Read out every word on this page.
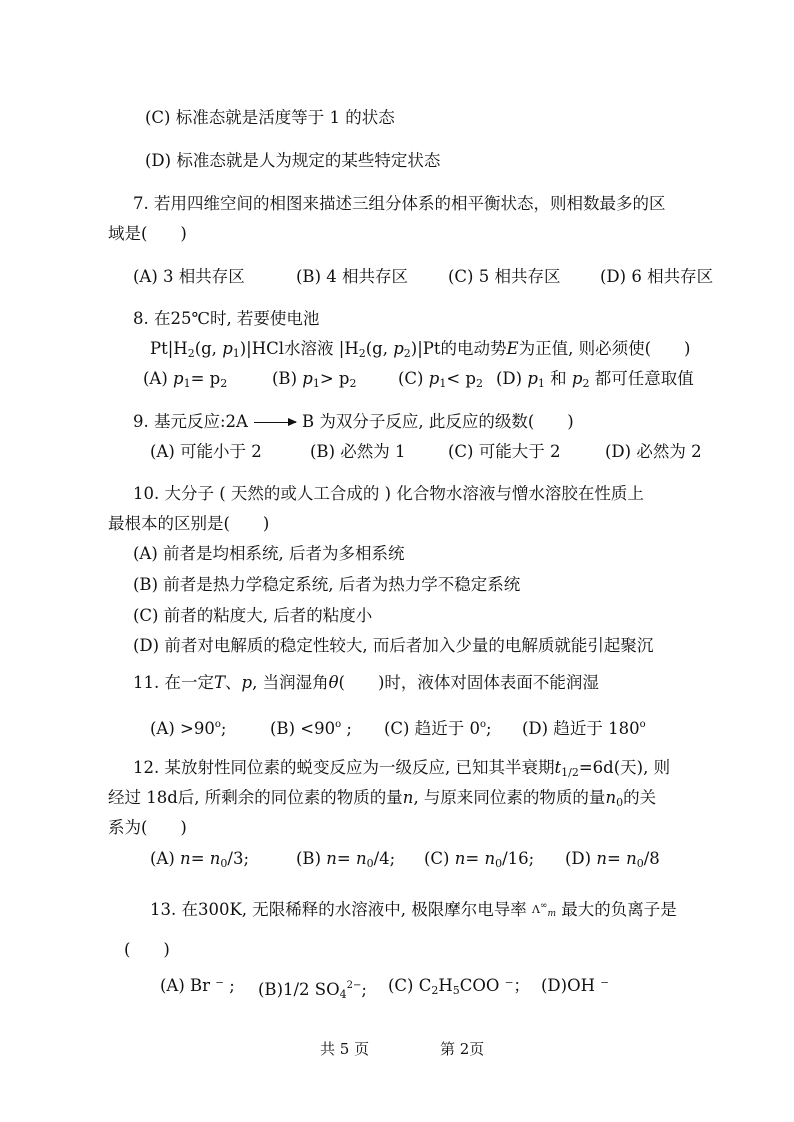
(C) 标准态就是活度等于 1 的状态
(D) 标准态就是人为规定的某些特定状态
7. 若用四维空间的相图来描述三组分体系的相平衡状态，则相数最多的区
域是(　　)
(A) 3 相共存区	(B) 4 相共存区 (C) 5 相共存区 (D) 6 相共存区
8. 在25℃时, 若要使电池
$Pt|H_2(g$, $p_1)|HCl$水溶液 $|H_2(g$, $p_2)|Pt$的电动势E为正值, 则必须使(　　)
(A) $p_1= p_2$	(B) $p_1> p_2$	(C) $p_1< p_2$ (D) $p_1$ 和 $p_2$ 都可任意取值
9. 基元反应:2A → B 为双分子反应, 此反应的级数(　　)
(A) 可能小于 2	(B) 必然为 1	(C) 可能大于 2	(D) 必然为 2
10. 大分子 ( 天然的或人工合成的 ) 化合物水溶液与憎水溶胶在性质上
最根本的区别是(　　)
(A) 前者是均相系统, 后者为多相系统
(B) 前者是热力学稳定系统, 后者为热力学不稳定系统
(C) 前者的粘度大, 后者的粘度小
(D) 前者对电解质的稳定性较大, 而后者加入少量的电解质就能引起聚沉
11. 在一定T、p, 当润湿角θ(　　)时，液体对固体表面不能润湿
$(A) >90^o$;	$(B) <90^o$ ; (C) 趋近于 0$^o$; (D) 趋近于 180$^o$
12. 某放射性同位素的蜕变反应为一级反应, 已知其半衰期$t_{1/2}=6d$(天), 则
经过 18d后, 所剩余的同位素的物质的量n, 与原来同位素的物质的量$n_0$的关
系为(　　)
(A) $n= n_0/3$;	(B) $n= n_0/4$; (C) $n= n_0/16$; (D) $n= n_0/8$
13. 在300K, 无限稀释的水溶液中, 极限摩尔电导率 $\Lambda^\infty_m$ 最大的负离子是
(　　)
(A) Br ⁻ ; (B)1/2 $SO_4^{2-}$; (C) $C_2H_5COO$ ⁻； (D)OH ⁻
共 5 页	第 2页
